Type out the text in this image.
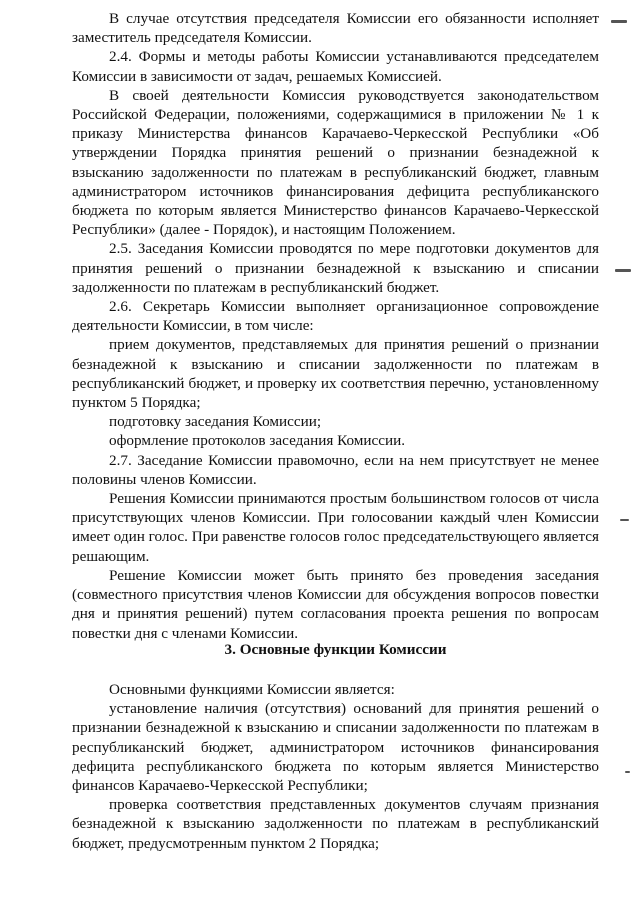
В случае отсутствия председателя Комиссии его обязанности исполняет заместитель председателя Комиссии.

2.4. Формы и методы работы Комиссии устанавливаются председателем Комиссии в зависимости от задач, решаемых Комиссией.

В своей деятельности Комиссия руководствуется законодательством Российской Федерации, положениями, содержащимися в приложении № 1 к приказу Министерства финансов Карачаево-Черкесской Республики «Об утверждении Порядка принятия решений о признании безнадежной к взысканию задолженности по платежам в республиканский бюджет, главным администратором источников финансирования дефицита республиканского бюджета по которым является Министерство финансов Карачаево-Черкесской Республики» (далее - Порядок), и настоящим Положением.

2.5. Заседания Комиссии проводятся по мере подготовки документов для принятия решений о признании безнадежной к взысканию и списании задолженности по платежам в республиканский бюджет.

2.6. Секретарь Комиссии выполняет организационное сопровождение деятельности Комиссии, в том числе:

прием документов, представляемых для принятия решений о признании безнадежной к взысканию и списании задолженности по платежам в республиканский бюджет, и проверку их соответствия перечню, установленному пунктом 5 Порядка;

подготовку заседания Комиссии;

оформление протоколов заседания Комиссии.

2.7. Заседание Комиссии правомочно, если на нем присутствует не менее половины членов Комиссии.

Решения Комиссии принимаются простым большинством голосов от числа присутствующих членов Комиссии. При голосовании каждый член Комиссии имеет один голос. При равенстве голосов голос председательствующего является решающим.

Решение Комиссии может быть принято без проведения заседания (совместного присутствия членов Комиссии для обсуждения вопросов повестки дня и принятия решений) путем согласования проекта решения по вопросам повестки дня с членами Комиссии.

3. Основные функции Комиссии

Основными функциями Комиссии является:

установление наличия (отсутствия) оснований для принятия решений о признании безнадежной к взысканию и списании задолженности по платежам в республиканский бюджет, администратором источников финансирования дефицита республиканского бюджета по которым является Министерство финансов Карачаево-Черкесской Республики;

проверка соответствия представленных документов случаям признания безнадежной к взысканию задолженности по платежам в республиканский бюджет, предусмотренным пунктом 2 Порядка;
